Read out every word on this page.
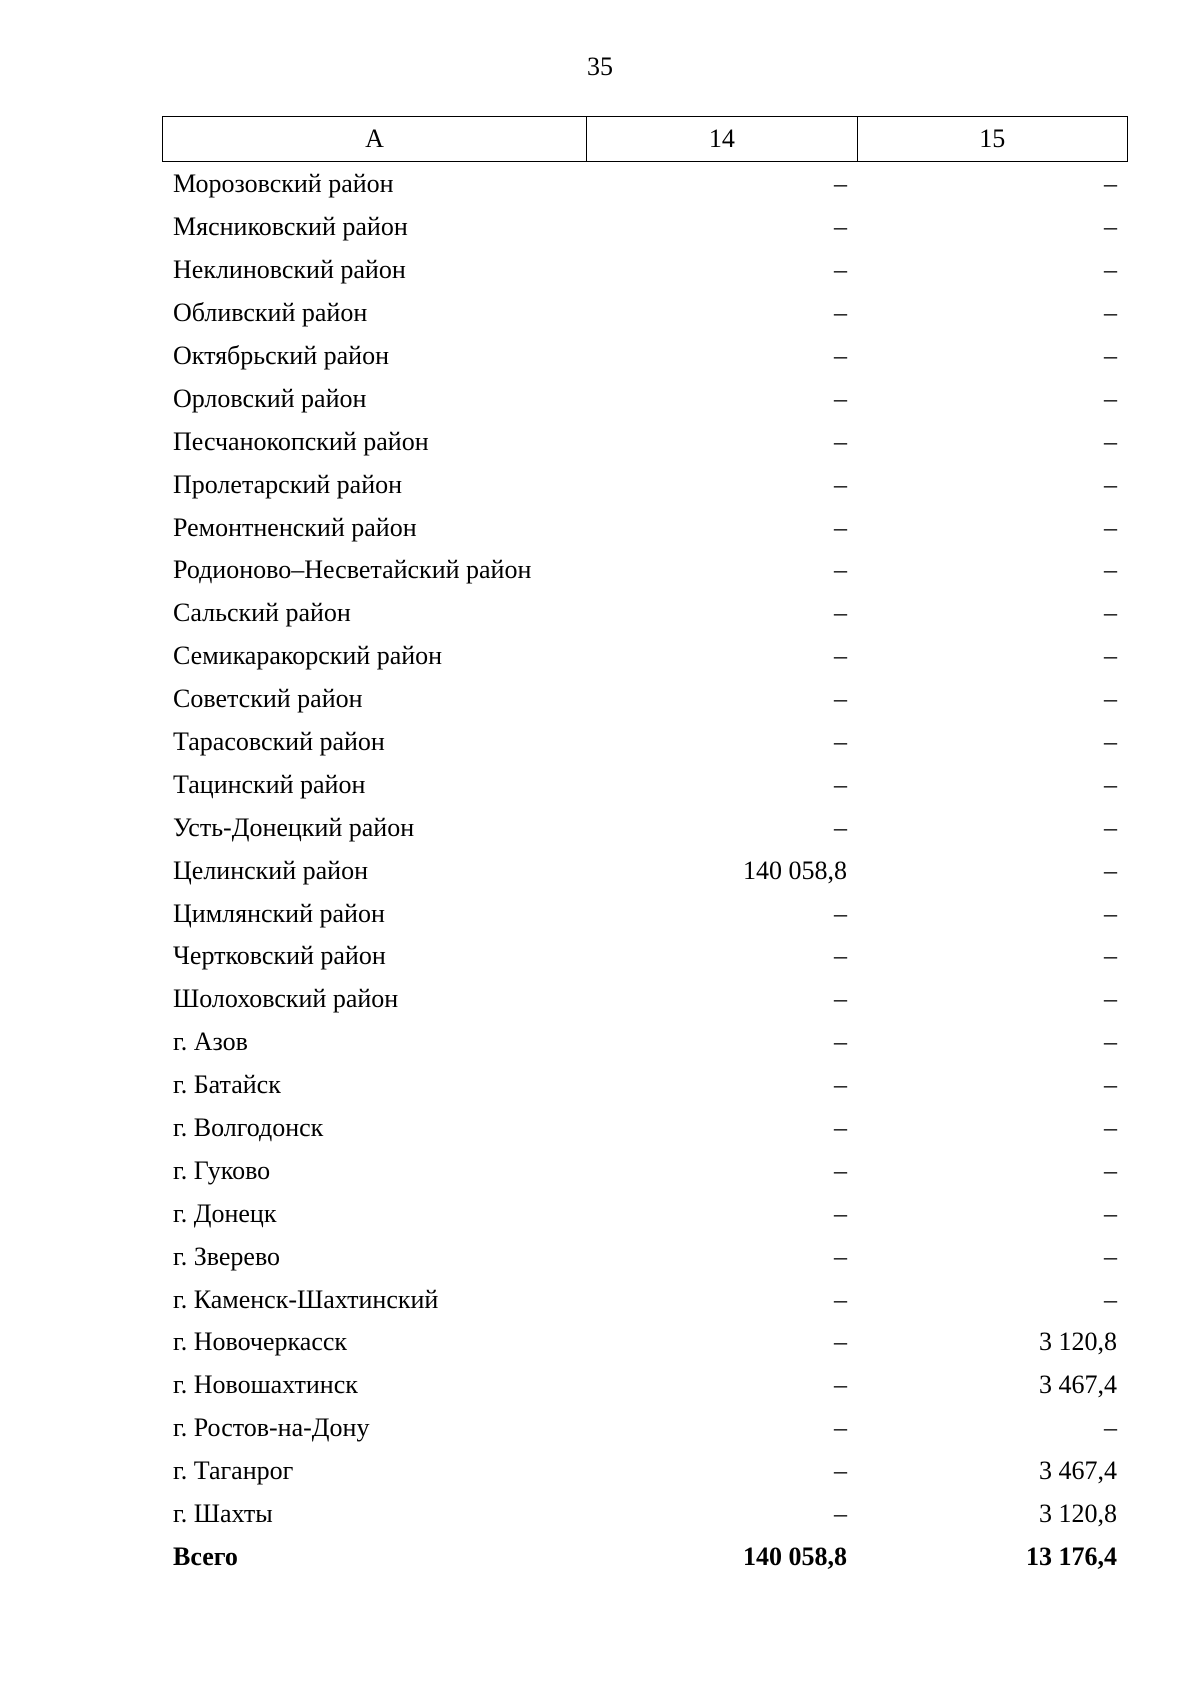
35
А	14	15
Морозовский район	–	–
Мясниковский район	–	–
Неклиновский район	–	–
Обливский район	–	–
Октябрьский район	–	–
Орловский район	–	–
Песчанокопский район	–	–
Пролетарский район	–	–
Ремонтненский район	–	–
Родионово–Несветайский район	–	–
Сальский район	–	–
Семикаракорский район	–	–
Советский район	–	–
Тарасовский район	–	–
Тацинский район	–	–
Усть-Донецкий район	–	–
Целинский район	140 058,8	–
Цимлянский район	–	–
Чертковский район	–	–
Шолоховский район	–	–
г. Азов	–	–
г. Батайск	–	–
г. Волгодонск	–	–
г. Гуково	–	–
г. Донецк	–	–
г. Зверево	–	–
г. Каменск-Шахтинский	–	–
г. Новочеркасск	–	3 120,8
г. Новошахтинск	–	3 467,4
г. Ростов-на-Дону	–	–
г. Таганрог	–	3 467,4
г. Шахты	–	3 120,8
Всего	140 058,8	13 176,4
